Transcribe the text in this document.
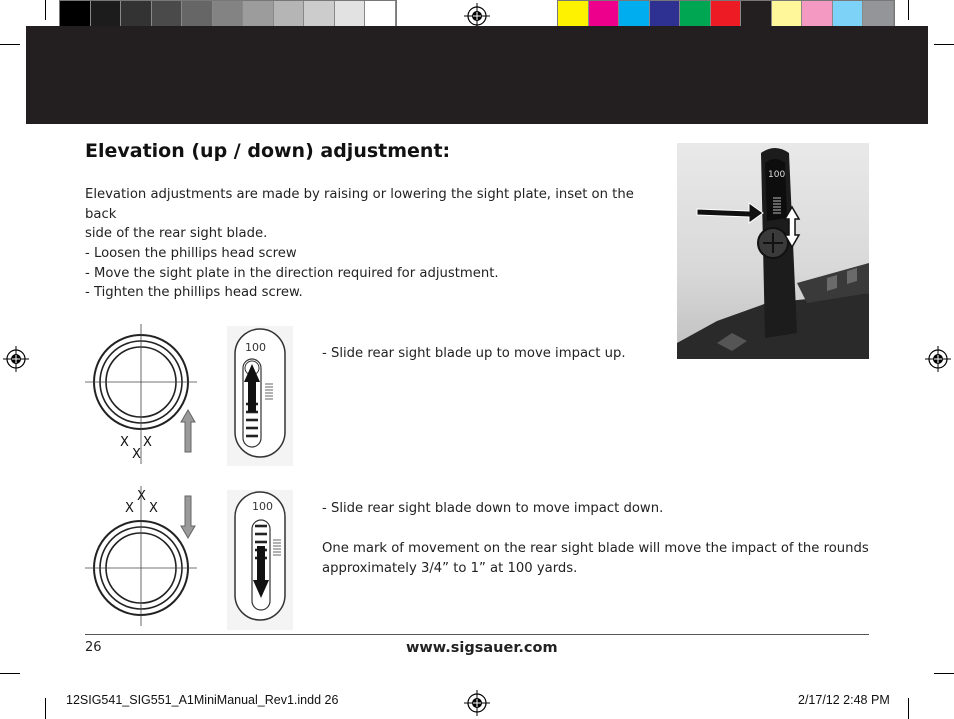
Elevation (up / down) adjustment:
Elevation adjustments are made by raising or lowering the sight plate, inset on the back
side of the rear sight blade.
- Loosen the phillips head screw
- Move the sight plate in the direction required for adjustment.
- Tighten the phillips head screw.
100
X X
X
100
X
X X	100
- Slide rear sight blade up to move impact up.
- Slide rear sight blade down to move impact down.
One mark of movement on the rear sight blade will move the impact of the rounds
approximately 3/4” to 1” at 100 yards.
26	www.sigsauer.com
12SIG541_SIG551_A1MiniManual_Rev1.indd 26	2/17/12 2:48 PM
